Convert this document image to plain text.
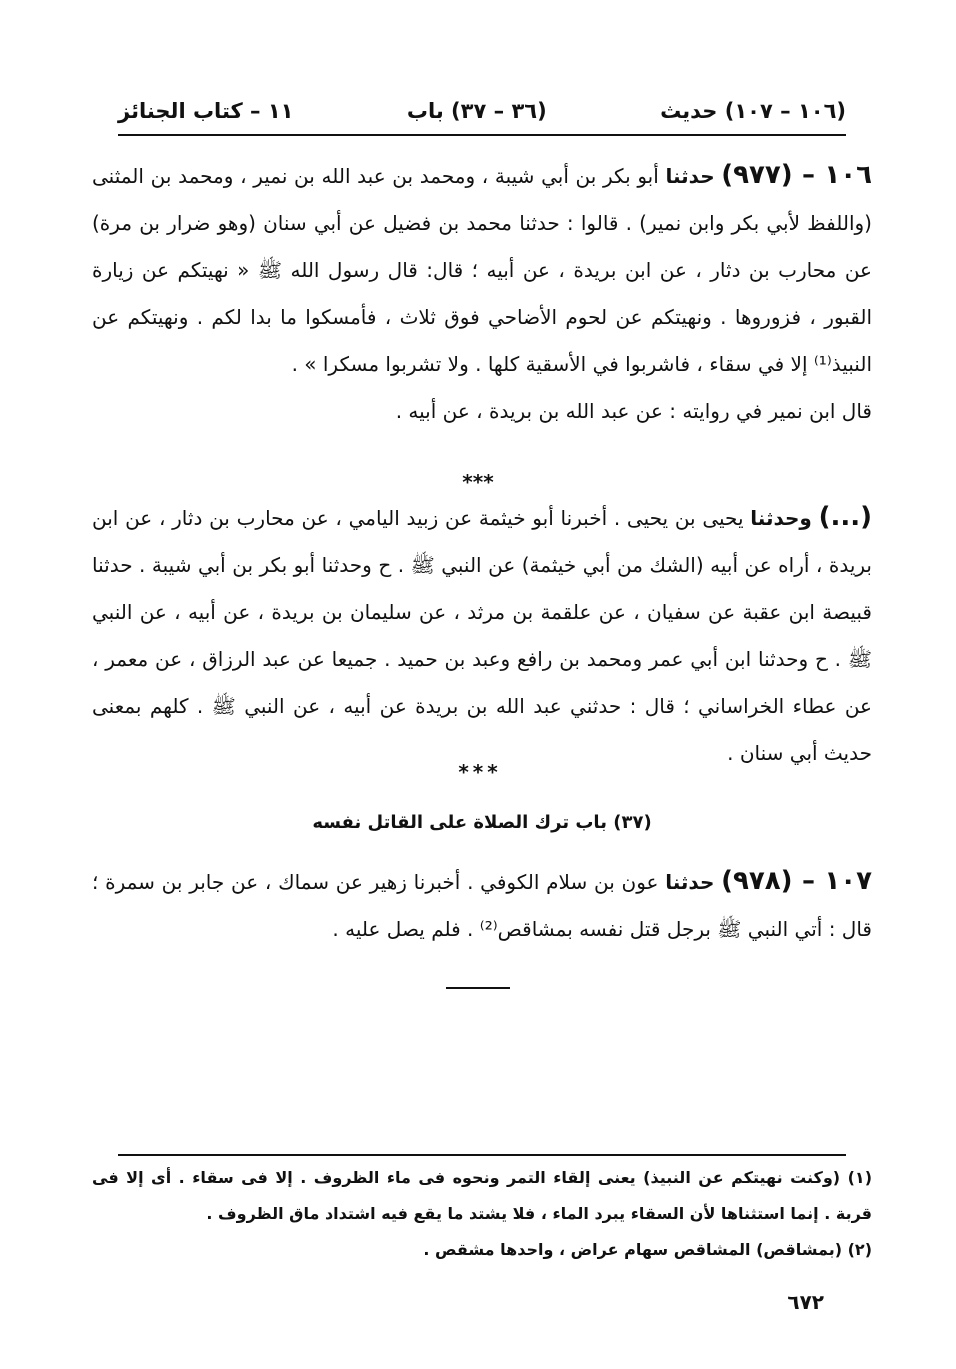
١١ – كتاب الجنائز	(٣٦ – ٣٧) باب	(١٠٦ – ١٠٧) حديث

١٠٦ – (٩٧٧) حدثنا أبو بكر بن أبي شيبة ، ومحمد بن عبد الله بن نمير ، ومحمد بن المثنى (واللفظ لأبي بكر وابن نمير) . قالوا : حدثنا محمد بن فضيل عن أبي سنان (وهو ضرار بن مرة) عن محارب بن دثار ، عن ابن بريدة ، عن أبيه ؛ قال: قال رسول الله ﷺ « نهيتكم عن زيارة القبور ، فزوروها . ونهيتكم عن لحوم الأضاحي فوق ثلاث ، فأمسكوا ما بدا لكم . ونهيتكم عن النبيذ⁽¹⁾ إلا في سقاء ، فاشربوا في الأسقية كلها . ولا تشربوا مسكرا » .

قال ابن نمير في روايته : عن عبد الله بن بريدة ، عن أبيه .

***

(...) وحدثنا يحيى بن يحيى . أخبرنا أبو خيثمة عن زبيد اليامي ، عن محارب بن دثار ، عن ابن بريدة ، أراه عن أبيه (الشك من أبي خيثمة) عن النبي ﷺ . ح وحدثنا أبو بكر بن أبي شيبة . حدثنا قبيصة ابن عقبة عن سفيان ، عن علقمة بن مرثد ، عن سليمان بن بريدة ، عن أبيه ، عن النبي ﷺ . ح وحدثنا ابن أبي عمر ومحمد بن رافع وعبد بن حميد . جميعا عن عبد الرزاق ، عن معمر ، عن عطاء الخراساني ؛ قال : حدثني عبد الله بن بريدة عن أبيه ، عن النبي ﷺ . كلهم بمعنى حديث أبي سنان .

* * *
(٣٧) باب ترك الصلاة على القاتل نفسه

١٠٧ – (٩٧٨) حدثنا عون بن سلام الكوفي . أخبرنا زهير عن سماك ، عن جابر بن سمرة ؛ قال : أتي النبي ﷺ برجل قتل نفسه بمشاقص⁽²⁾ . فلم يصل عليه .

(١) (وكنت نهيتكم عن النبيذ) يعنى إلقاء التمر ونحوه فى ماء الظروف . إلا فى سقاء . أى إلا فى قربة . إنما استثناها لأن السقاء يبرد الماء ، فلا يشتد ما يقع فيه اشتداد ماق الظروف .

(٢) (بمشاقص) المشاقص سهام عراض ، واحدها مشقص .

٦٧٢
